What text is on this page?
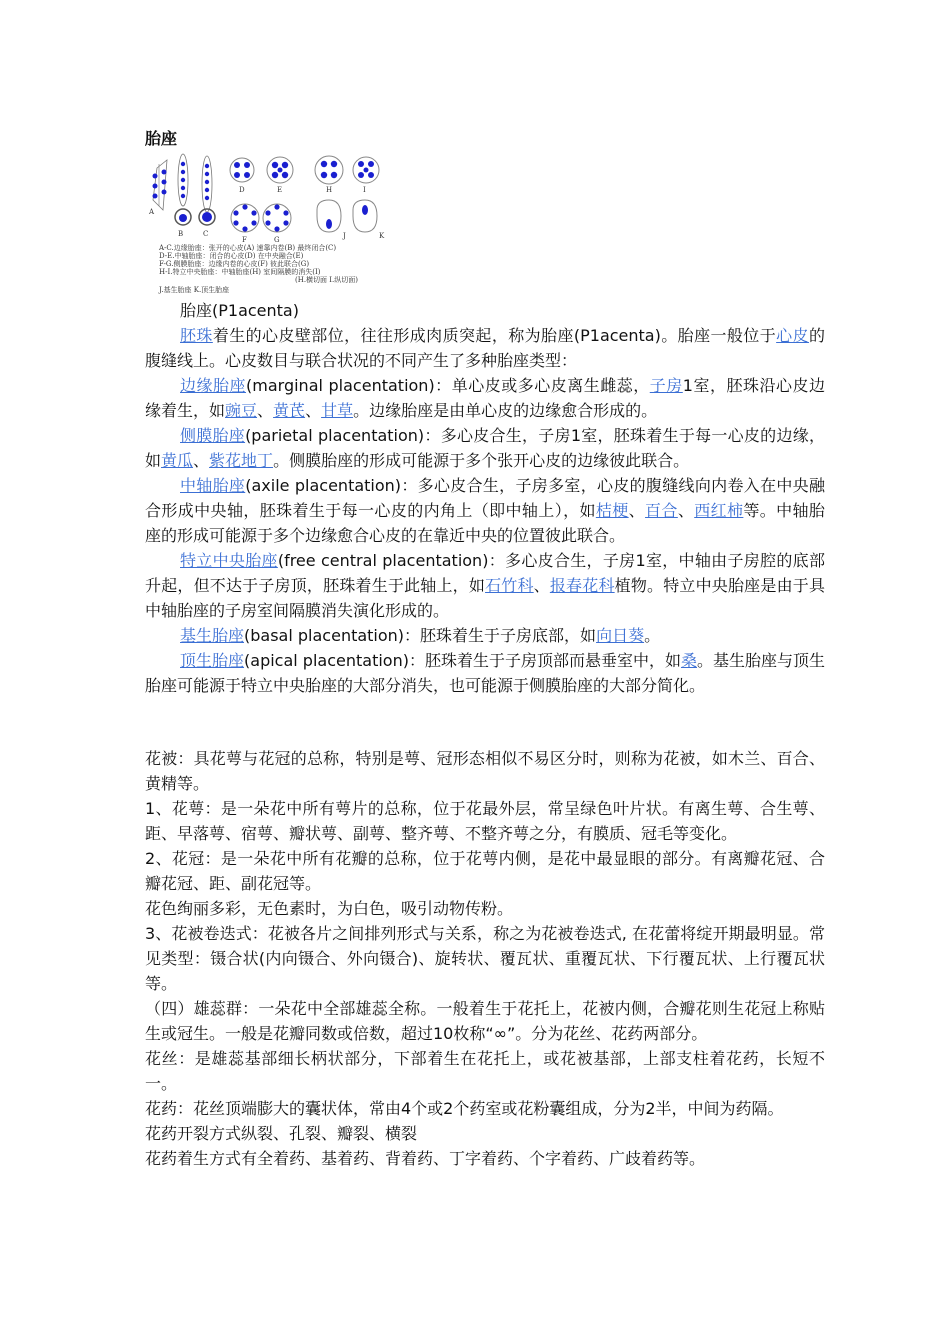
胎座
A
B	C
D	E
F	G
H	I
J	K
A-C.边缘胎座：张开的心皮(A) 速靠内卷(B) 最终闭合(C)
D-E.中轴胎座：闭合的心皮(D) 在中央融合(E)
F-G.侧膜胎座：边缘内卷的心皮(F) 彼此联合(G)
H-I.特立中央胎座：中轴胎座(H) 室间隔膜的消失(I)
(H.横切面 I.纵切面)
J.基生胎座 K.顶生胎座

胎座(P1acenta)

胚珠着生的心皮壁部位，往往形成肉质突起，称为胎座(P1acenta)。胎座一般位于心皮的腹缝线上。心皮数目与联合状况的不同产生了多种胎座类型：

边缘胎座(marginal placentation)：单心皮或多心皮离生雌蕊，子房1室，胚珠沿心皮边缘着生，如豌豆、黄芪、甘草。边缘胎座是由单心皮的边缘愈合形成的。

侧膜胎座(parietal placentation)：多心皮合生，子房1室，胚珠着生于每一心皮的边缘，如黄瓜、紫花地丁。侧膜胎座的形成可能源于多个张开心皮的边缘彼此联合。

中轴胎座(axile placentation)：多心皮合生，子房多室，心皮的腹缝线向内卷入在中央融合形成中央轴，胚珠着生于每一心皮的内角上（即中轴上），如桔梗、百合、西红柿等。中轴胎座的形成可能源于多个边缘愈合心皮的在靠近中央的位置彼此联合。

特立中央胎座(free central placentation)：多心皮合生，子房1室，中轴由子房腔的底部升起，但不达于子房顶，胚珠着生于此轴上，如石竹科、报春花科植物。特立中央胎座是由于具中轴胎座的子房室间隔膜消失演化形成的。

基生胎座(basal placentation)：胚珠着生于子房底部，如向日葵。

顶生胎座(apical placentation)：胚珠着生于子房顶部而悬垂室中，如桑。基生胎座与顶生胎座可能源于特立中央胎座的大部分消失，也可能源于侧膜胎座的大部分简化。

花被：具花萼与花冠的总称，特别是萼、冠形态相似不易区分时，则称为花被，如木兰、百合、黄精等。

1、花萼：是一朵花中所有萼片的总称，位于花最外层，常呈绿色叶片状。有离生萼、合生萼、距、早落萼、宿萼、瓣状萼、副萼、整齐萼、不整齐萼之分，有膜质、冠毛等变化。

2、花冠：是一朵花中所有花瓣的总称，位于花萼内侧，是花中最显眼的部分。有离瓣花冠、合瓣花冠、距、副花冠等。

花色绚丽多彩，无色素时，为白色，吸引动物传粉。

3、花被卷迭式：花被各片之间排列形式与关系，称之为花被卷迭式, 在花蕾将绽开期最明显。常见类型：镊合状(内向镊合、外向镊合)、旋转状、覆瓦状、重覆瓦状、下行覆瓦状、上行覆瓦状等。

（四）雄蕊群：一朵花中全部雄蕊全称。一般着生于花托上，花被内侧，合瓣花则生花冠上称贴生或冠生。一般是花瓣同数或倍数，超过10枚称“∞”。分为花丝、花药两部分。

花丝：是雄蕊基部细长柄状部分，下部着生在花托上，或花被基部，上部支柱着花药，长短不一。

花药：花丝顶端膨大的囊状体，常由4个或2个药室或花粉囊组成，分为2半，中间为药隔。

花药开裂方式纵裂、孔裂、瓣裂、横裂

花药着生方式有全着药、基着药、背着药、丁字着药、个字着药、广歧着药等。
